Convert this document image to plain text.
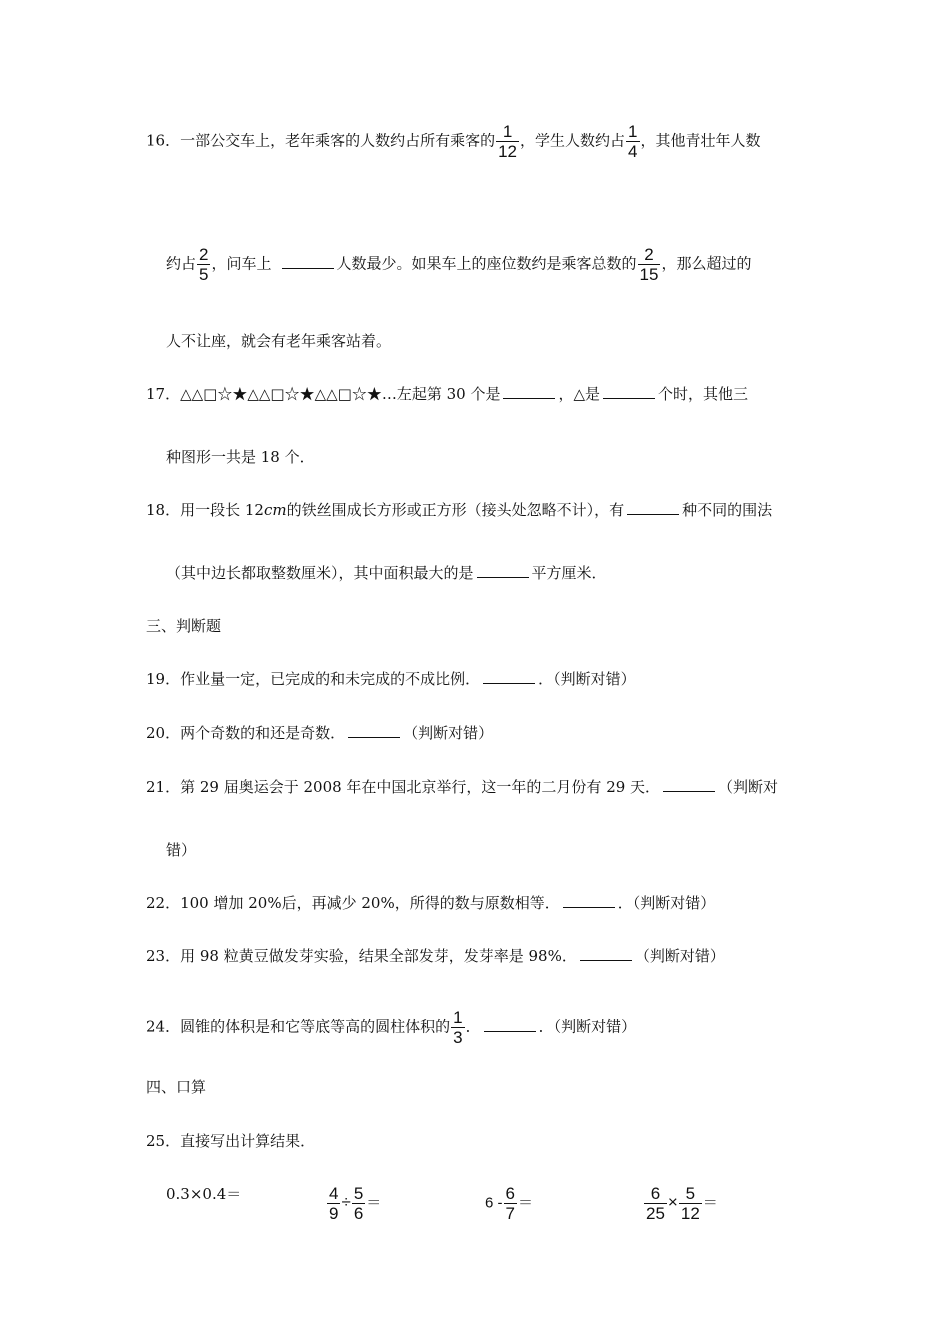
16．一部公交车上，老年乘客的人数约占所有乘客的 $\frac{1}{12}$ ，学生人数约占 $\frac{1}{4}$ ，其他青壮年人数
约占 $\frac{2}{5}$ ，问车上	人数最少。如果车上的座位数约是乘客总数的 $\frac{2}{15}$ ，那么超过的
人不让座，就会有老年乘客站着。
17．△△□☆★△△□☆★△△□☆★…左起第 30 个是	，△是	个时，其他三
种图形一共是 18 个．
18．用一段长 12cm的铁丝围成长方形或正方形（接头处忽略不计），有	种不同的围法
（其中边长都取整数厘米），其中面积最大的是	平方厘米．
三、判断题
19．作业量一定，已完成的和未完成的不成比例．	．（判断对错）
20．两个奇数的和还是奇数．	（判断对错）
21．第 29 届奥运会于 2008 年在中国北京举行，这一年的二月份有 29 天．	（判断对
错）
22．100 增加 20%后，再减少 20%，所得的数与原数相等．	．（判断对错）
23．用 98 粒黄豆做发芽实验，结果全部发芽，发芽率是 98%．	（判断对错）
24．圆锥的体积是和它等底等高的圆柱体积的 $\frac{1}{3}$ ．	．（判断对错）
四、口算
25．直接写出计算结果．
0.3×0.4＝	$\frac{4}{9} \div \frac{5}{6}$ ＝	$6 - \frac{6}{7}$ ＝	$\frac{6}{25} \times \frac{5}{12}$ ＝
